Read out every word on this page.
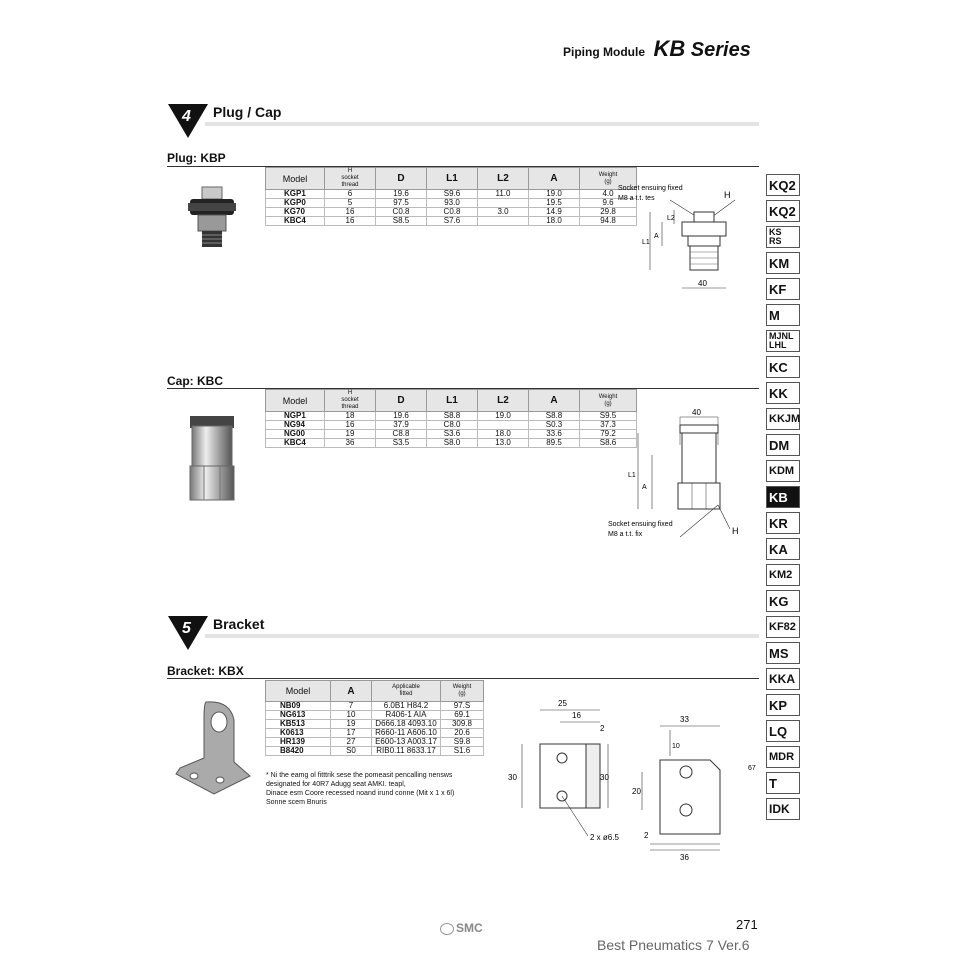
Piping Module KB Series
4 Plug / Cap
Plug: KBP
Model	H
socket
thread	D	L1	L2	A	Weight
(g)
KGP1	6	19.6	S9.6	11.0	19.0	4.0
KGP0	5	97.5	93.0		19.5	9.6
KG70	16	C0.8	C0.8	3.0	14.9	29.8
KBC4	16	S8.5	S7.6		18.0	94.8
Socket ensuing fixed
M8 a t.t. tes	H
L1
A
L2
40
Cap: KBC
Model	H
socket
thread	D	L1	L2	A	Weight
(g)
NGP1	18	19.6	S8.8	19.0	S8.8	S9.5
NG94	16	37.9	C8.0		S0.3	37.3
NG00	19	C8.8	S3.6	18.0	33.6	79.2
KBC4	36	S3.5	S8.0	13.0	89.5	S8.6
40
L1
A
Socket ensuing fixed
M8 a t.t. fix	H
5 Bracket
Bracket: KBX
Model	A	Applicable
fitted	Weight
(g)
NB09	7	6.0B1 H84.2	97.S
NG613	10	R406-1 AIA	69.1
KB513	19	D666.18 4093.10	309.8
K0613	17	R660-11 A606.10	20.6
HR139	27	E600-13 A003.17	S9.8
B8420	S0	RIB0.11 8633.17	S1.6
* Ni the eamg ol fitttrik sese the pomeasit pencalling nensws
designated for 40R7 Adugg seat AMKI. teapl,
Dinace esm Coore recessed noand irund conne (Mit x 1 x 6l)
Sonne scem Bnuris
25
16
2
30	30
2 x ø6.5
33
10
67
20
2
36
KQ2
KQ2
KS
RS
KM
KF
M
MJNL
LHL
KC
KK
KKJM
DM
KDM
KB
KR
KA
KM2
KG
KF82
MS
KKA
KP
LQ
MDR
T
IDK
SMC	271
Best Pneumatics 7 Ver.6
